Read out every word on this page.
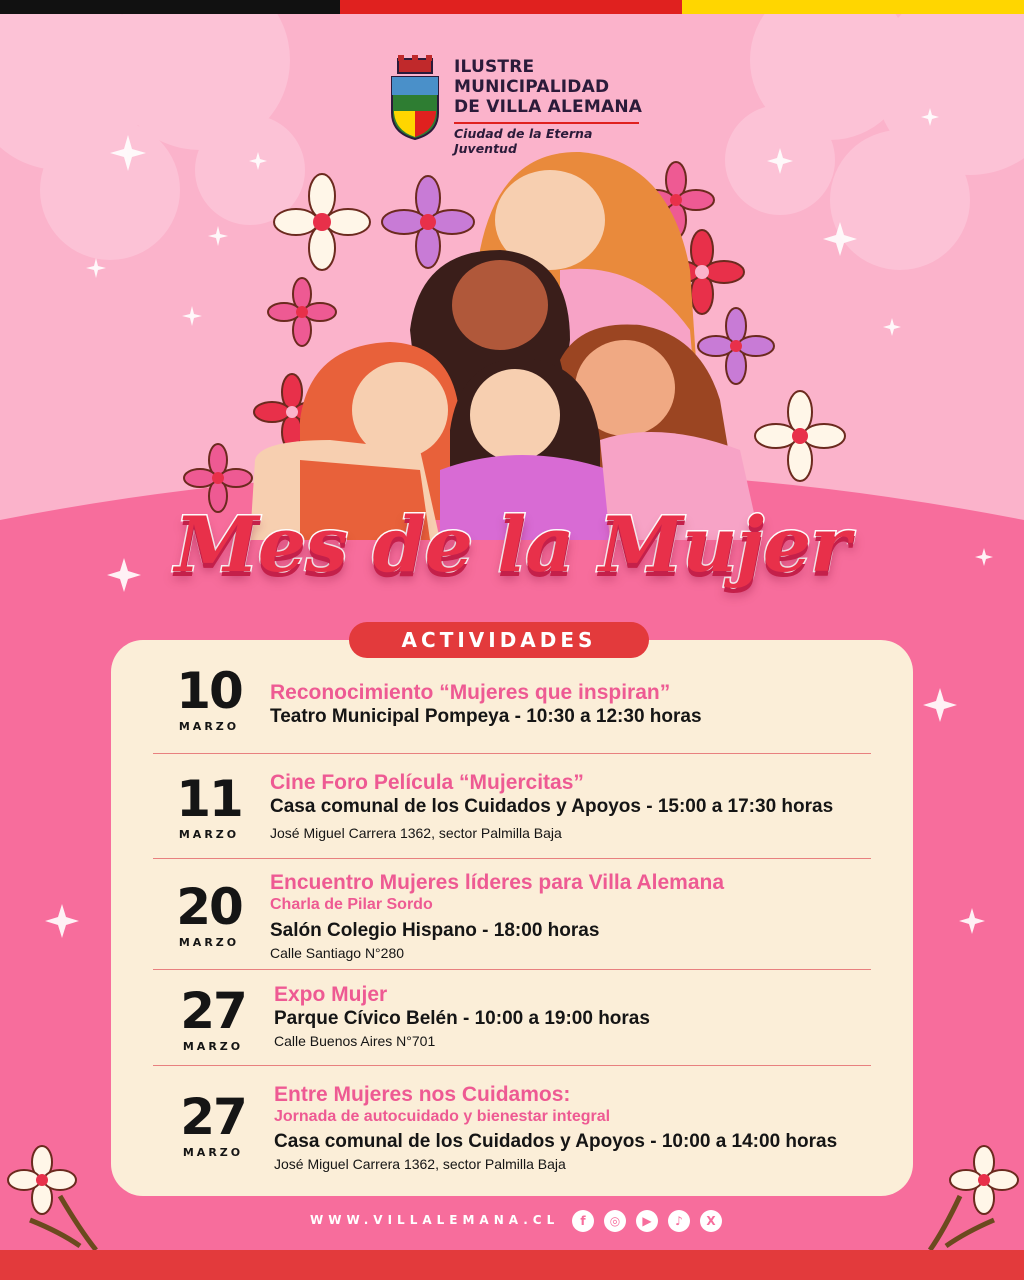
ILUSTRE
MUNICIPALIDAD
DE VILLA ALEMANA
Ciudad de la Eterna Juventud
Mes de la Mujer
10
MARZO
Reconocimiento “Mujeres que inspiran”
Teatro Municipal Pompeya - 10:30 a 12:30 horas
11
MARZO
Cine Foro Película “Mujercitas”
Casa comunal de los Cuidados y Apoyos - 15:00 a 17:30 horas
José Miguel Carrera 1362, sector Palmilla Baja
20
MARZO
Encuentro Mujeres líderes para Villa Alemana
Charla de Pilar Sordo
Salón Colegio Hispano - 18:00 horas
Calle Santiago N°280
27
MARZO
Expo Mujer
Parque Cívico Belén - 10:00 a 19:00 horas
Calle Buenos Aires N°701
27
MARZO
Entre Mujeres nos Cuidamos:
Jornada de autocuidado y bienestar integral
Casa comunal de los Cuidados y Apoyos - 10:00 a 14:00 horas
José Miguel Carrera 1362, sector Palmilla Baja
ACTIVIDADES
WWW.VILLALEMANA.CL	f	◎	▶	♪	X
